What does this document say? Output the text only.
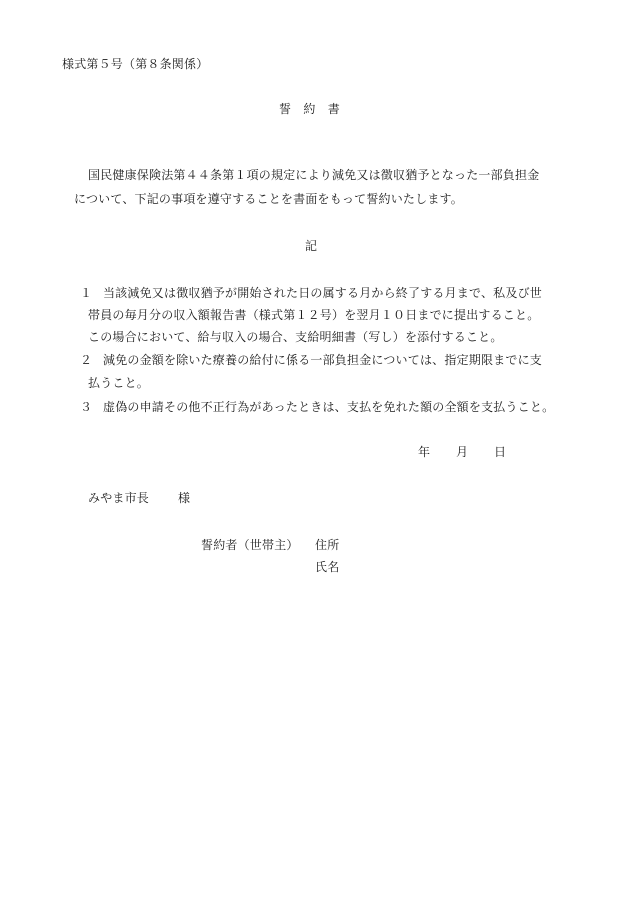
様式第５号（第８条関係）
誓　約　書
国民健康保険法第４４条第１項の規定により減免又は徴収猶予となった一部負担金
について、下記の事項を遵守することを書面をもって誓約いたします。
記
１ 当該減免又は徴収猶予が開始された日の属する月から終了する月まで、私及び世
帯員の毎月分の収入額報告書（様式第１２号）を翌月１０日までに提出すること。
この場合において、給与収入の場合、支給明細書（写し）を添付すること。
２ 減免の金額を除いた療養の給付に係る一部負担金については、指定期限までに支
払うこと。
３ 虚偽の申請その他不正行為があったときは、支払を免れた額の全額を支払うこと。
年 月 日
みやま市長 様
誓約者（世帯主） 住所
氏名
